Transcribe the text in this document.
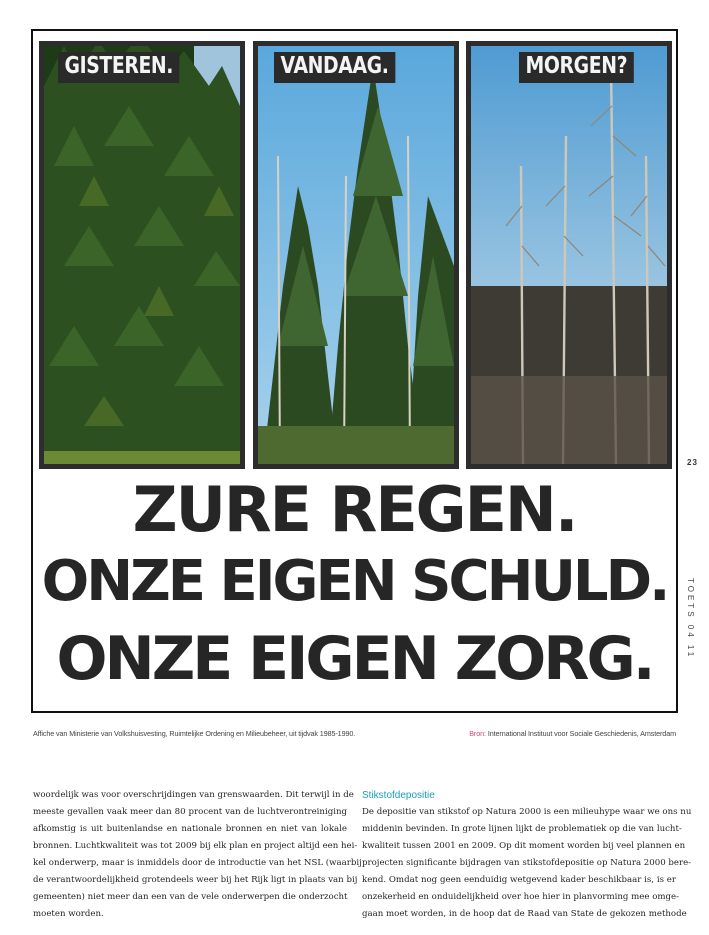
GISTEREN.	VANDAAG.	MORGEN?
ZURE REGEN.
ONZE EIGEN SCHULD.
ONZE EIGEN ZORG.
23
TOETS 04 11
Affiche van Ministerie van Volkshuisvesting, Ruimtelijke Ordening en Milieubeheer, uit tijdvak 1985-1990.	Bron: International Instituut voor Sociale Geschiedenis, Amsterdam
woordelijk was voor overschrijdingen van grenswaarden. Dit terwijl in de
meeste gevallen vaak meer dan 80 procent van de luchtverontreiniging
afkomstig is uit buitenlandse en nationale bronnen en niet van lokale
bronnen. Luchtkwaliteit was tot 2009 bij elk plan en project altijd een hei-
kel onderwerp, maar is inmiddels door de introductie van het NSL (waarbij
de verantwoordelijkheid grotendeels weer bij het Rijk ligt in plaats van bij
gemeenten) niet meer dan een van de vele onderwerpen die onderzocht
moeten worden.
Stikstofdepositie
De depositie van stikstof op Natura 2000 is een milieuhype waar we ons nu
middenin bevinden. In grote lijnen lijkt de problematiek op die van lucht-
kwaliteit tussen 2001 en 2009. Op dit moment worden bij veel plannen en
projecten significante bijdragen van stikstofdepositie op Natura 2000 bere-
kend. Omdat nog geen eenduidig wetgevend kader beschikbaar is, is er
onzekerheid en onduidelijkheid over hoe hier in planvorming mee omge-
gaan moet worden, in de hoop dat de Raad van State de gekozen methode
